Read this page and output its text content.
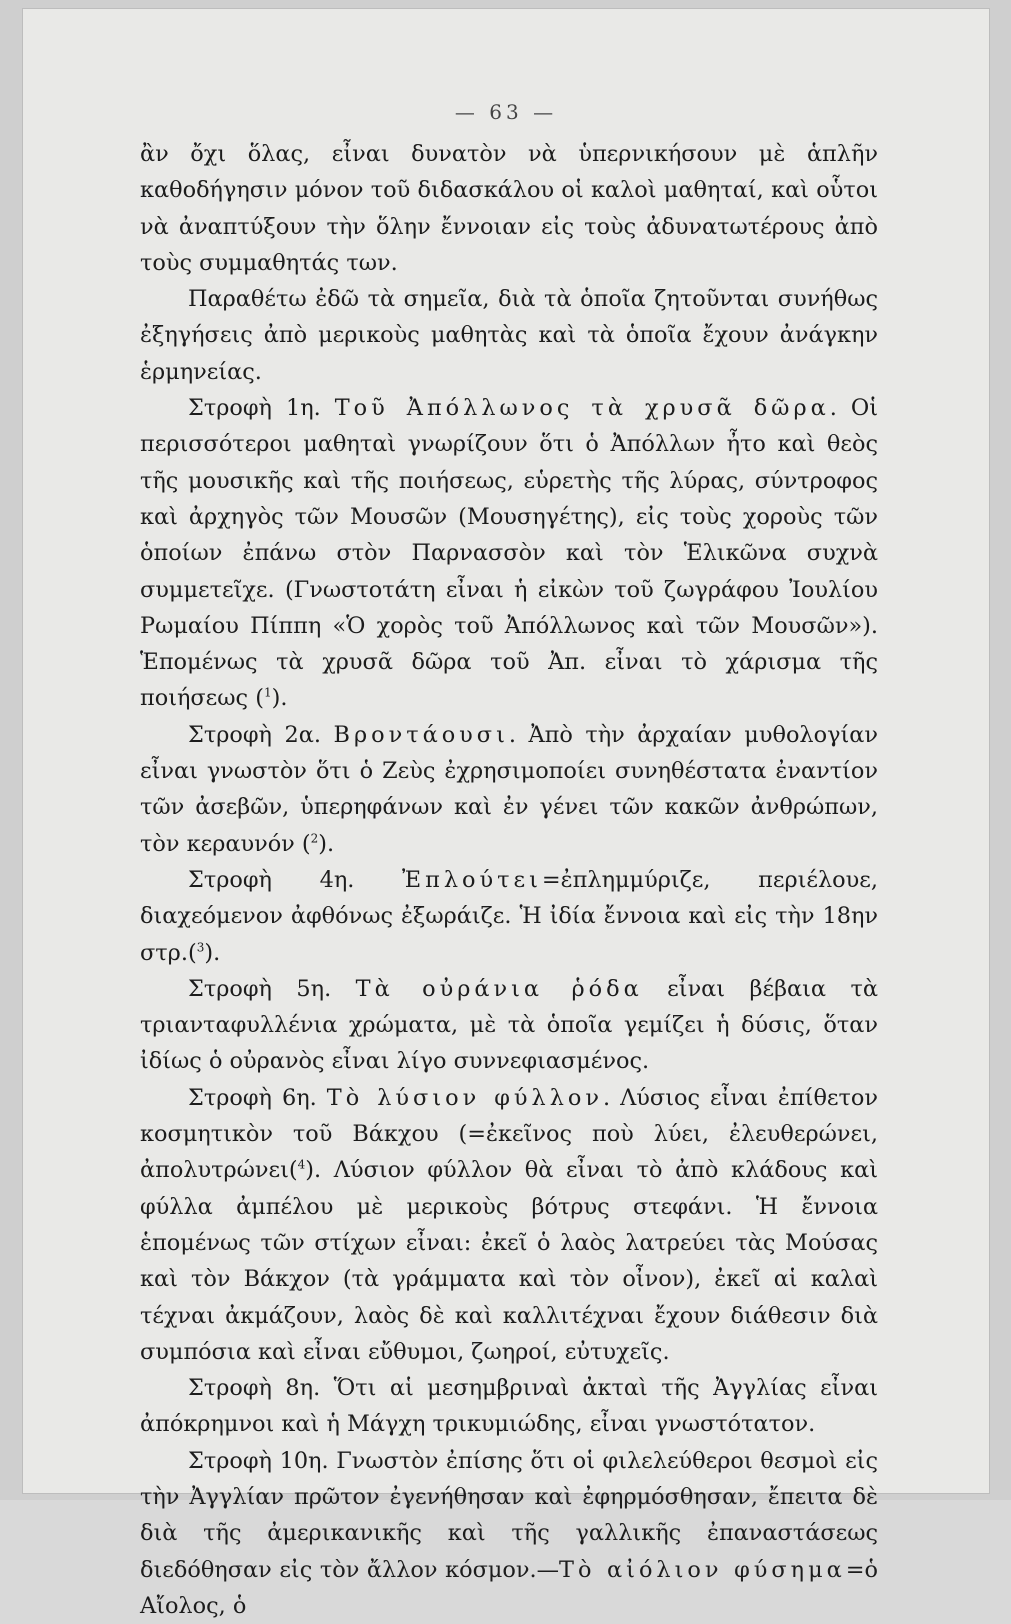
— 63 —

ἂν ὄχι ὅλας, εἶναι δυνατὸν νὰ ὑπερνικήσουν μὲ ἁπλῆν καθοδήγησιν μόνον τοῦ διδασκάλου οἱ καλοὶ μαθηταί, καὶ οὗτοι νὰ ἀναπτύξουν τὴν ὅλην ἔννοιαν εἰς τοὺς ἀδυνατωτέρους ἀπὸ τοὺς συμμαθητάς των.

Παραθέτω ἐδῶ τὰ σημεῖα, διὰ τὰ ὁποῖα ζητοῦνται συνήθως ἐξηγήσεις ἀπὸ μερικοὺς μαθητὰς καὶ τὰ ὁποῖα ἔχουν ἀνάγκην ἑρμηνείας.

Στροφὴ 1η. Τοῦ Ἀπόλλωνος τὰ χρυσᾶ δῶρα. Οἱ περισσότεροι μαθηταὶ γνωρίζουν ὅτι ὁ Ἀπόλλων ἦτο καὶ θεὸς τῆς μουσικῆς καὶ τῆς ποιήσεως, εὑρετὴς τῆς λύρας, σύντροφος καὶ ἀρχηγὸς τῶν Μουσῶν (Μουσηγέτης), εἰς τοὺς χοροὺς τῶν ὁποίων ἐπάνω στὸν Παρνασσὸν καὶ τὸν Ἑλικῶνα συχνὰ συμμετεῖχε. (Γνωστοτάτη εἶναι ἡ εἰκὼν τοῦ ζωγράφου Ἰουλίου Ρωμαίου Πίππη «Ὁ χορὸς τοῦ Ἀπόλλωνος καὶ τῶν Μουσῶν»). Ἑπομένως τὰ χρυσᾶ δῶρα τοῦ Ἀπ. εἶναι τὸ χάρισμα τῆς ποιήσεως ($^1$).

Στροφὴ 2α. Βροντάουσι. Ἀπὸ τὴν ἀρχαίαν μυθολογίαν εἶναι γνωστὸν ὅτι ὁ Ζεὺς ἐχρησιμοποίει συνηθέστατα ἐναντίον τῶν ἀσεβῶν, ὑπερηφάνων καὶ ἐν γένει τῶν κακῶν ἀνθρώπων, τὸν κεραυνόν ($^2$).

Στροφὴ 4η. Ἐπλούτει=ἐπλημμύριζε, περιέλουε, διαχεόμενον ἀφθόνως ἐξωράιζε. Ἡ ἰδία ἔννοια καὶ εἰς τὴν 18ην στρ.($^3$).

Στροφὴ 5η. Τὰ οὐράνια ῥόδα εἶναι βέβαια τὰ τριανταφυλλένια χρώματα, μὲ τὰ ὁποῖα γεμίζει ἡ δύσις, ὅταν ἰδίως ὁ οὐρανὸς εἶναι λίγο συννεφιασμένος.

Στροφὴ 6η. Τὸ λύσιον φύλλον. Λύσιος εἶναι ἐπίθετον κοσμητικὸν τοῦ Βάκχου (=ἐκεῖνος ποὺ λύει, ἐλευθερώνει, ἀπολυτρώνει($^4$). Λύσιον φύλλον θὰ εἶναι τὸ ἀπὸ κλάδους καὶ φύλλα ἀμπέλου μὲ μερικοὺς βότρυς στεφάνι. Ἡ ἔννοια ἑπομένως τῶν στίχων εἶναι: ἐκεῖ ὁ λαὸς λατρεύει τὰς Μούσας καὶ τὸν Βάκχον (τὰ γράμματα καὶ τὸν οἶνον), ἐκεῖ αἱ καλαὶ τέχναι ἀκμάζουν, λαὸς δὲ καὶ καλλιτέχναι ἔχουν διάθεσιν διὰ συμπόσια καὶ εἶναι εὔθυμοι, ζωηροί, εὐτυχεῖς.

Στροφὴ 8η. Ὅτι αἱ μεσημβριναὶ ἀκταὶ τῆς Ἀγγλίας εἶναι ἀπόκρημνοι καὶ ἡ Μάγχη τρικυμιώδης, εἶναι γνωστότατον.

Στροφὴ 10η. Γνωστὸν ἐπίσης ὅτι οἱ φιλελεύθεροι θεσμοὶ εἰς τὴν Ἀγγλίαν πρῶτον ἐγενήθησαν καὶ ἐφηρμόσθησαν, ἔπειτα δὲ διὰ τῆς ἀμερικανικῆς καὶ τῆς γαλλικῆς ἐπαναστάσεως διεδόθησαν εἰς τὸν ἄλλον κόσμον.—Τὸ αἰόλιον φύσημα=ὁ Αἴολος, ὁ
